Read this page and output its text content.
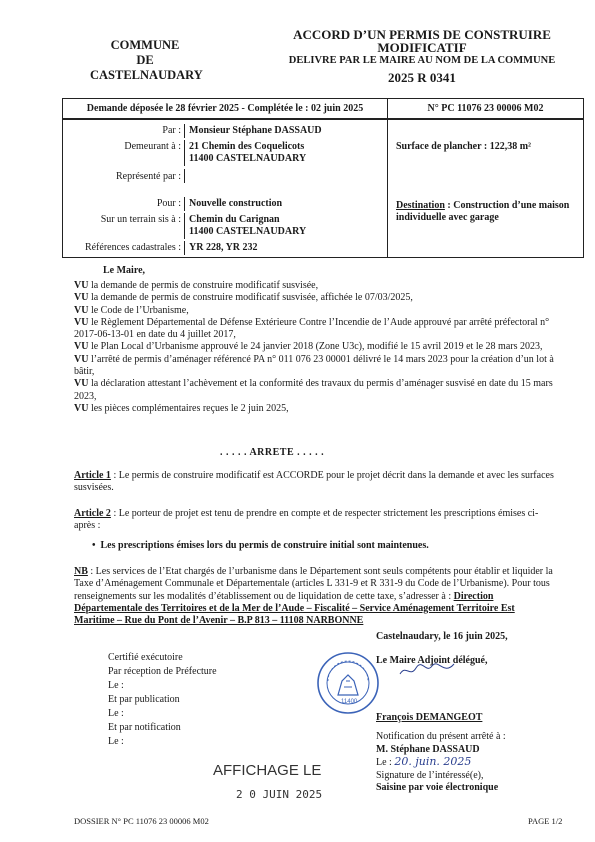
COMMUNE
DE
CASTELNAUDARY
ACCORD D’UN PERMIS DE CONSTRUIRE
MODIFICATIF
DELIVRE PAR LE MAIRE AU NOM DE LA COMMUNE
2025 R 0341
Demande déposée le 28 février 2025 - Complétée le : 02 juin 2025	N° PC 11076 23 00006 M02
Par : Monsieur Stéphane DASSAUD
Demeurant à : 21 Chemin des Coquelicots
11400 CASTELNAUDARY
Représenté par :
Pour : Nouvelle construction
Sur un terrain sis à : Chemin du Carignan
11400 CASTELNAUDARY
Références cadastrales : YR 228, YR 232
Surface de plancher : 122,38 m²
Destination : Construction d’une maison individuelle avec garage
Le Maire,
VU la demande de permis de construire modificatif susvisée,
VU la demande de permis de construire modificatif susvisée, affichée le 07/03/2025,
VU le Code de l’Urbanisme,
VU le Règlement Départemental de Défense Extérieure Contre l’Incendie de l’Aude approuvé par arrêté préfectoral n° 2017-06-13-01 en date du 4 juillet 2017,
VU le Plan Local d’Urbanisme approuvé le 24 janvier 2018 (Zone U3c), modifié le 15 avril 2019 et le 28 mars 2023,
VU l’arrêté de permis d’aménager référencé PA n° 011 076 23 00001 délivré le 14 mars 2023 pour la création d’un lot à bâtir,
VU la déclaration attestant l’achèvement et la conformité des travaux du permis d’aménager susvisé en date du 15 mars 2023,
VU les pièces complémentaires reçues le 2 juin 2025,
. . . . . ARRETE . . . . .
Article 1 : Le permis de construire modificatif est ACCORDE pour le projet décrit dans la demande et avec les surfaces susvisées.
Article 2 : Le porteur de projet est tenu de prendre en compte et de respecter strictement les prescriptions émises ci-après :
•  Les prescriptions émises lors du permis de construire initial sont maintenues.
NB : Les services de l’Etat chargés de l’urbanisme dans le Département sont seuls compétents pour établir et liquider la Taxe d’Aménagement Communale et Départementale (articles L 331-9 et R 331-9 du Code de l’Urbanisme). Pour tous renseignements sur les modalités d’établissement ou de liquidation de cette taxe, s’adresser à : Direction Départementale des Territoires et de la Mer de l’Aude – Fiscalité – Service Aménagement Territoire Est Maritime – Rue du Pont de l’Avenir – B.P 813 – 11108 NARBONNE
Castelnaudary, le 16 juin 2025,
Le Maire Adjoint délégué,
11400
François DEMANGEOT
Certifié exécutoire
Par réception de Préfecture
Le :
Et par publication
Le :
Et par notification
Le :
AFFICHAGE LE
2 0 JUIN 2025
Notification du présent arrêté à :
M. Stéphane DASSAUD
Le : 20. juin. 2025
Signature de l’intéressé(e),
Saisine par voie électronique
DOSSIER N° PC 11076 23 00006 M02	PAGE 1/2
